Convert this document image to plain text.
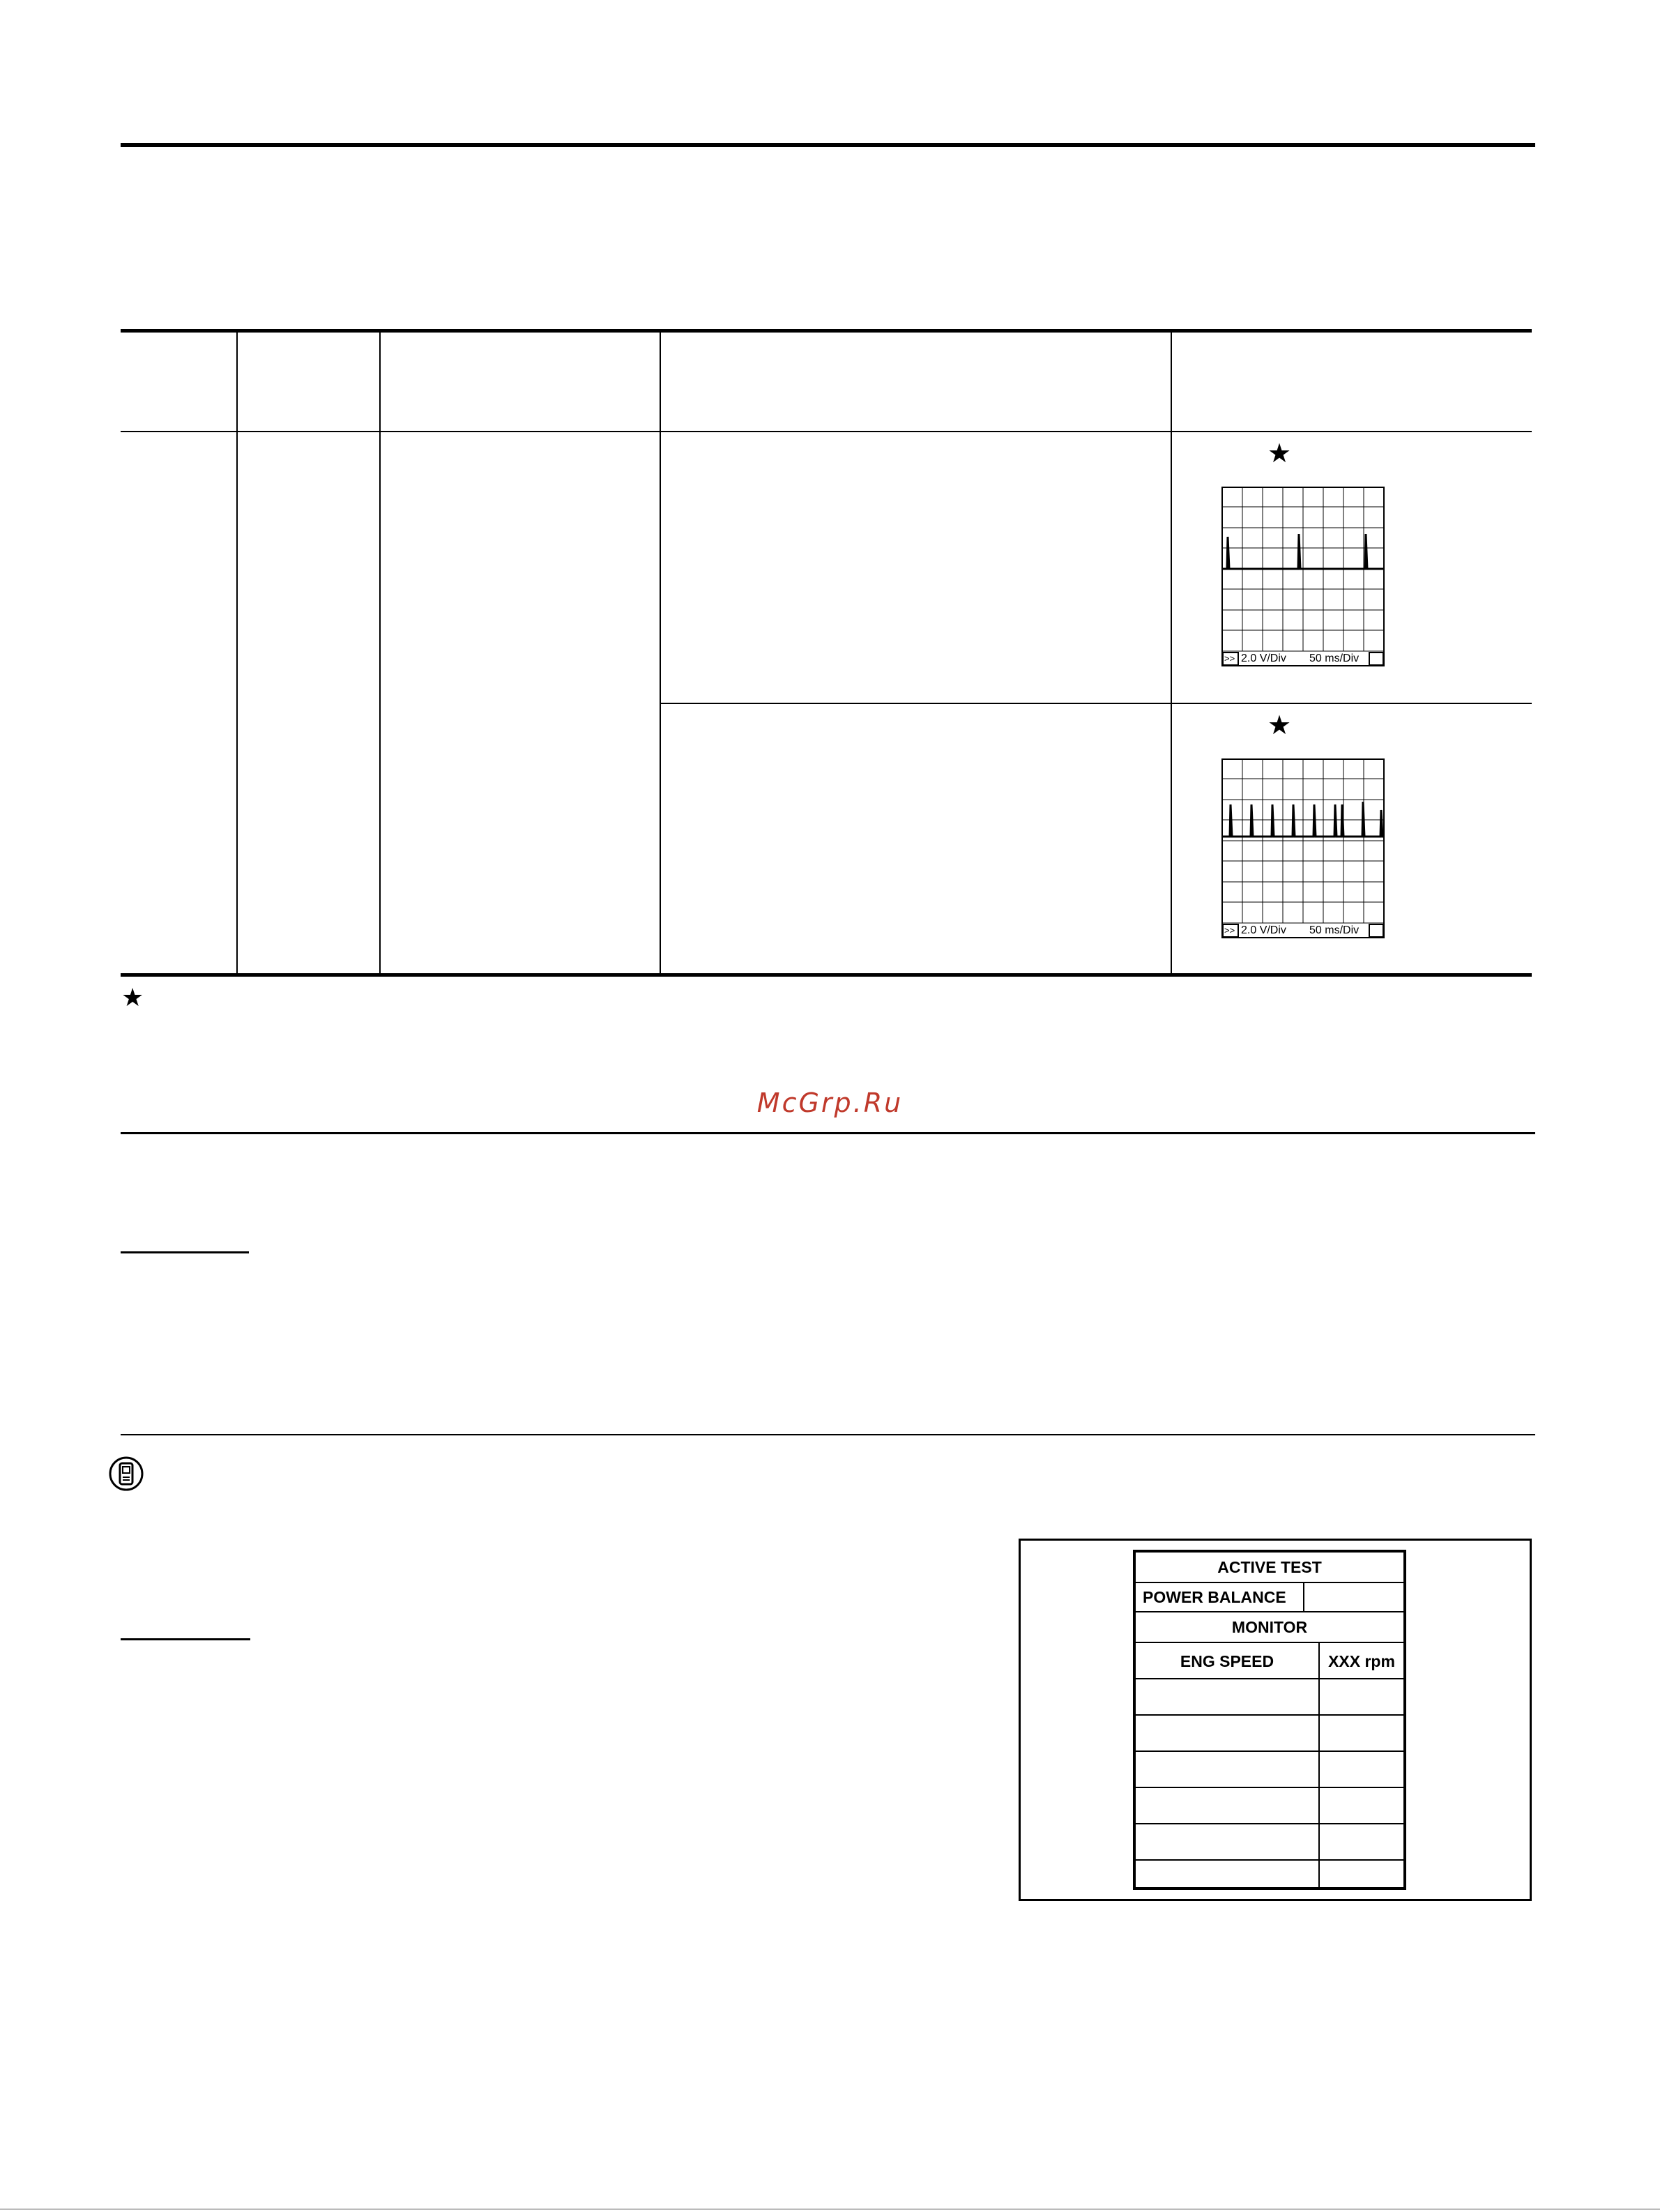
★
>> 2.0 V/Div 50 ms/Div
★
>> 2.0 V/Div 50 ms/Div
★
McGrp.Ru
ACTIVE TEST
POWER BALANCE
MONITOR
ENG SPEED	XXX rpm
